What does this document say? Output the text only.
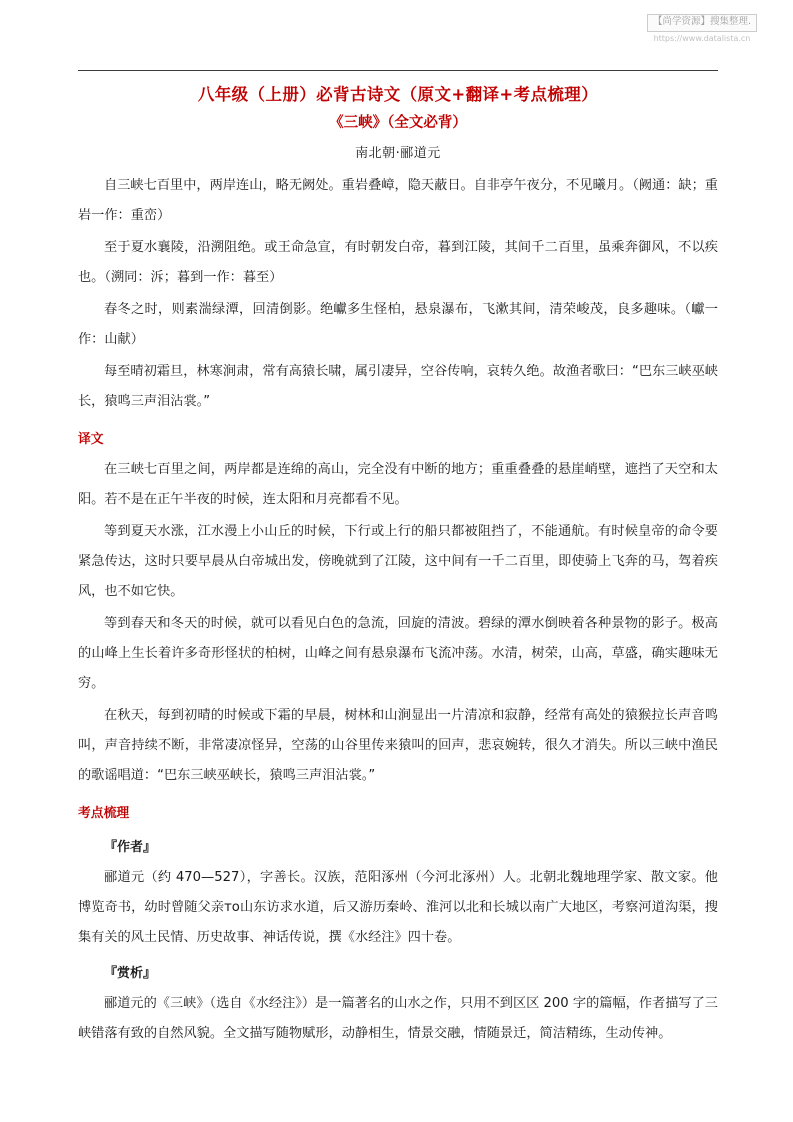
【尚学资源】搜集整理.
https://www.datalista.cn
八年级（上册）必背古诗文（原文+翻译+考点梳理）
《三峡》（全文必背）
南北朝·郦道元

自三峡七百里中，两岸连山，略无阙处。重岩叠嶂，隐天蔽日。自非亭午夜分，不见曦月。（阙通：缺；重岩一作：重峦）

至于夏水襄陵，沿溯阻绝。或王命急宣，有时朝发白帝，暮到江陵，其间千二百里，虽乘奔御风，不以疾也。（溯同：泝；暮到一作：暮至）

春冬之时，则素湍绿潭，回清倒影。绝巘多生怪柏，悬泉瀑布，飞漱其间，清荣峻茂，良多趣味。（巘一作：山献）

每至晴初霜旦，林寒涧肃，常有高猿长啸，属引凄异，空谷传响，哀转久绝。故渔者歌曰：“巴东三峡巫峡长，猿鸣三声泪沾裳。”

译文

在三峡七百里之间，两岸都是连绵的高山，完全没有中断的地方；重重叠叠的悬崖峭壁，遮挡了天空和太阳。若不是在正午半夜的时候，连太阳和月亮都看不见。

等到夏天水涨，江水漫上小山丘的时候，下行或上行的船只都被阻挡了，不能通航。有时候皇帝的命令要紧急传达，这时只要早晨从白帝城出发，傍晚就到了江陵，这中间有一千二百里，即使骑上飞奔的马，驾着疾风，也不如它快。

等到春天和冬天的时候，就可以看见白色的急流，回旋的清波。碧绿的潭水倒映着各种景物的影子。极高的山峰上生长着许多奇形怪状的柏树，山峰之间有悬泉瀑布飞流冲荡。水清，树荣，山高，草盛，确实趣味无穷。

在秋天，每到初晴的时候或下霜的早晨，树林和山涧显出一片清凉和寂静，经常有高处的猿猴拉长声音鸣叫，声音持续不断，非常凄凉怪异，空荡的山谷里传来猿叫的回声，悲哀婉转，很久才消失。所以三峡中渔民的歌谣唱道：“巴东三峡巫峡长，猿鸣三声泪沾裳。”

考点梳理
『作者』

郦道元（约 470—527），字善长。汉族，范阳涿州（今河北涿州）人。北朝北魏地理学家、散文家。他博览奇书，幼时曾随父亲то山东访求水道，后又游历秦岭、淮河以北和长城以南广大地区，考察河道沟渠，搜集有关的风土民情、历史故事、神话传说，撰《水经注》四十卷。

『赏析』

郦道元的《三峡》（选自《水经注》）是一篇著名的山水之作，只用不到区区 200 字的篇幅，作者描写了三峡错落有致的自然风貌。全文描写随物赋形，动静相生，情景交融，情随景迁，简洁精练，生动传神。
